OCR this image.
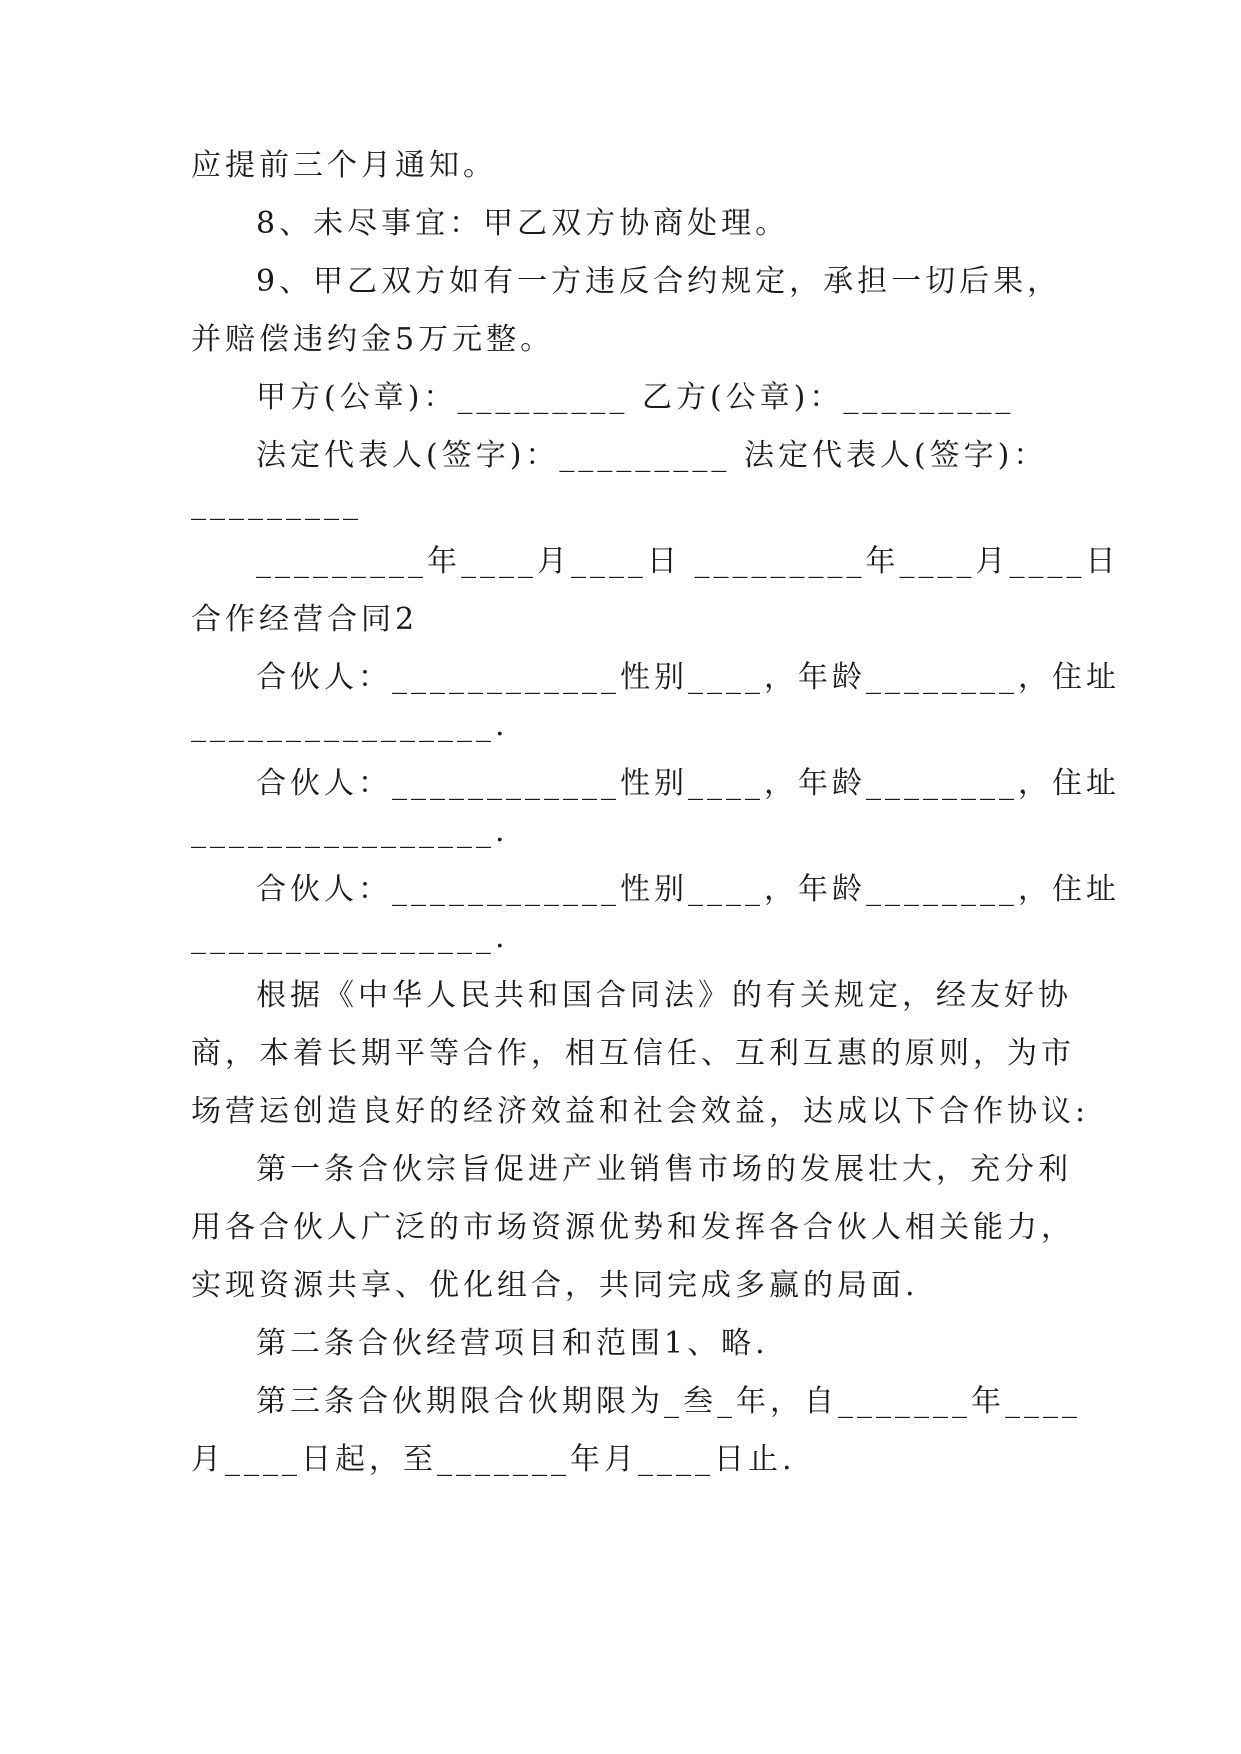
应提前三个月通知。
8、未尽事宜：甲乙双方协商处理。
9、甲乙双方如有一方违反合约规定，承担一切后果，
并赔偿违约金5万元整。
甲方(公章)：_________ 乙方(公章)：_________
法定代表人(签字)：_________ 法定代表人(签字)：
_________
_________年____月____日 _________年____月____日
合作经营合同2
合伙人：____________性别____，年龄________，住址
________________.
合伙人：____________性别____，年龄________，住址
________________.
合伙人：____________性别____，年龄________，住址
________________.
根据《中华人民共和国合同法》的有关规定，经友好协
商，本着长期平等合作，相互信任、互利互惠的原则，为市
场营运创造良好的经济效益和社会效益，达成以下合作协议:
第一条合伙宗旨促进产业销售市场的发展壮大，充分利
用各合伙人广泛的市场资源优势和发挥各合伙人相关能力，
实现资源共享、优化组合，共同完成多赢的局面.
第二条合伙经营项目和范围1、略.
第三条合伙期限合伙期限为_叁_年，自_______年____
月____日起，至_______年月____日止.
